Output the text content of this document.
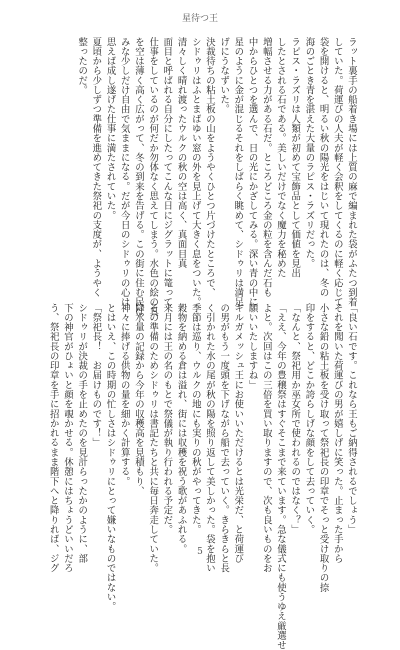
星待つ王
ラット裏手の船着き場には上質の麻で編まれた袋がふたつ到着
していた。荷運びの人夫が軽く会釈をしてくるのに軽く応じて
袋を開けると、明るい秋の陽光をはじいて現れたのは、冬の
海のごとき青を湛えた大量のラピス・ラズリだった。
ラピス・ラズリは人類が初めて宝飾品として価値を見出
したとされる石である。美しいだけでなく魔力を秘めた
増幅させる力がある石だ。ところどころ金の粒を含んだ石も
中からひとつを選んで、日の光にかざしてみる。深い青の中に
星のように金が混じるそれをしばらく眺めて、シドゥリは満足
げにうなずいた。
決裁待ちの粘土板の山をようやくひとつ片づけたところで、
シドゥリはふとまばゆい窓の外を見上げて大きく息をついた。
清々しく晴れ渡ったウルクの秋の空は高く、真面目真
面目と呼ばれる自分にしたってこんな日にジグラットに篭って
仕事をしているのが何だか勿体なく思えてしまう。水色の絵の具
を空は薄く高く広がって、冬の到来を告げる。この街に住む民は
みな少しだけ自由で気ままになる。だが今日のシドゥリの心は
思えば成し遂げた仕事に満たされていた。
夏頃から少しずつ準備を進めてきた祭祀の支度が、ようやく
整ったのだ。
「良い石です。これなら王もご納得されるでしょう」
それを聞いた荷運びの男が嬉しげに笑った。止まった手から
小さな鉛の粘土板を受け取って祭祀長の印章でそっと受け取りの捺
印をすると、どこか誇らしげな顔をして去っていく。
「なんと、祭祀用か巫女所で使われるのではなく？」
「ええ、今年の豊穣祭はすぐそこまで来ています。急な儀式にも使うゆえ厳選せ
よと。次回はこの三倍を買い取りますので、次も良いものをお
願いいたしますね」
ギルガメッシュ王にお使いいただけるとは光栄だ、と荷運び
の男がもう一度頭を下げながら船で去っていく。きらきらと長
く引かれた水の尾が秋の陽を照り返して美しかった。袋を抱い
季節は巡り、ウルクの地にも実りの秋がやってきた。
穀物を納める倉は溢れ、街には収穫を祝う歌があふれる。
来月には王の名のもとで祭儀が執り行われる予定だ。
その準備のためシドゥリは書記たちと共に毎日奔走していた。
降水量の記録から今年の収穫高を見積もり、
神々に捧げる供物の量を細かく計算する。
とはいえ、この時期の忙しさはシドゥリにとって嫌いなものではない。
「祭祀長！　お届けものです！」
シドゥリが決裁の手を止めたのを見計らったかのように、部
下の神官がひょいと顔を覗かせる。休憩にはちょうどいいだろ
う、祭祀長の印章を手に招かれるまま階下へと降りれば、ジグ	5
